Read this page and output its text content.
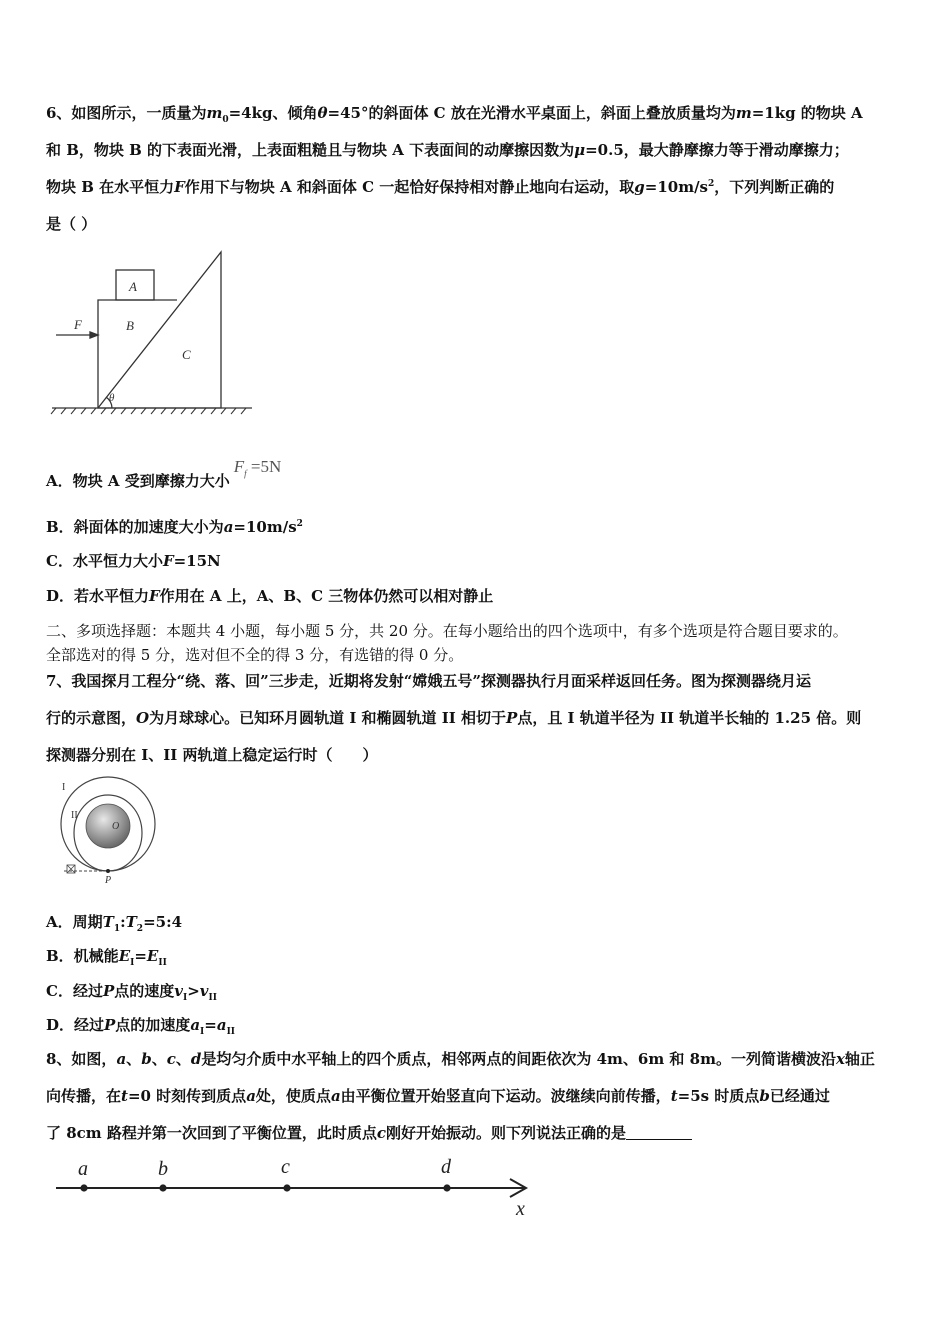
6、如图所示，一质量为$m_0=4kg$、倾角θ=45°的斜面体 C 放在光滑水平桌面上，斜面上叠放质量均为m=1kg 的物块 A
和 B，物块 B 的下表面光滑，上表面粗糙且与物块 A 下表面间的动摩擦因数为μ=0.5，最大静摩擦力等于滑动摩擦力；
物块 B 在水平恒力F作用下与物块 A 和斜面体 C 一起恰好保持相对静止地向右运动，取$g=10m/s^2$，下列判断正确的
是（ ）
A
B
C
F
θ
A．物块 A 受到摩擦力大小$F_f =5N$
B．斜面体的加速度大小为$a=10m/s^2$
C．水平恒力大小F=15N
D．若水平恒力F作用在 A 上，A、B、C 三物体仍然可以相对静止
二、多项选择题：本题共 4 小题，每小题 5 分，共 20 分。在每小题给出的四个选项中，有多个选项是符合题目要求的。
全部选对的得 5 分，选对但不全的得 3 分，有选错的得 0 分。
7、我国探月工程分“绕、落、回”三步走，近期将发射“嫦娥五号”探测器执行月面采样返回任务。图为探测器绕月运
行的示意图，O为月球球心。已知环月圆轨道 I 和椭圆轨道 II 相切于P点，且 I 轨道半径为 II 轨道半长轴的 1.25 倍。则
探测器分别在 I、II 两轨道上稳定运行时（　　）
I
II
O
P
A．周期$T_1:T_2=5:4$
B．机械能$E_I=E_{II}$
C．经过P点的速度$v_I>v_{II}$
D．经过P点的加速度$a_I=a_{II}$
8、如图，a、b、c、d是均匀介质中水平轴上的四个质点，相邻两点的间距依次为 4m、6m 和 8m。一列简谐横波沿x轴正
向传播，在t=0 时刻传到质点a处，使质点a由平衡位置开始竖直向下运动。波继续向前传播，t=5s 时质点b已经通过
了 8cm 路程并第一次回到了平衡位置，此时质点c刚好开始振动。则下列说法正确的是
a	b	c	d
x
